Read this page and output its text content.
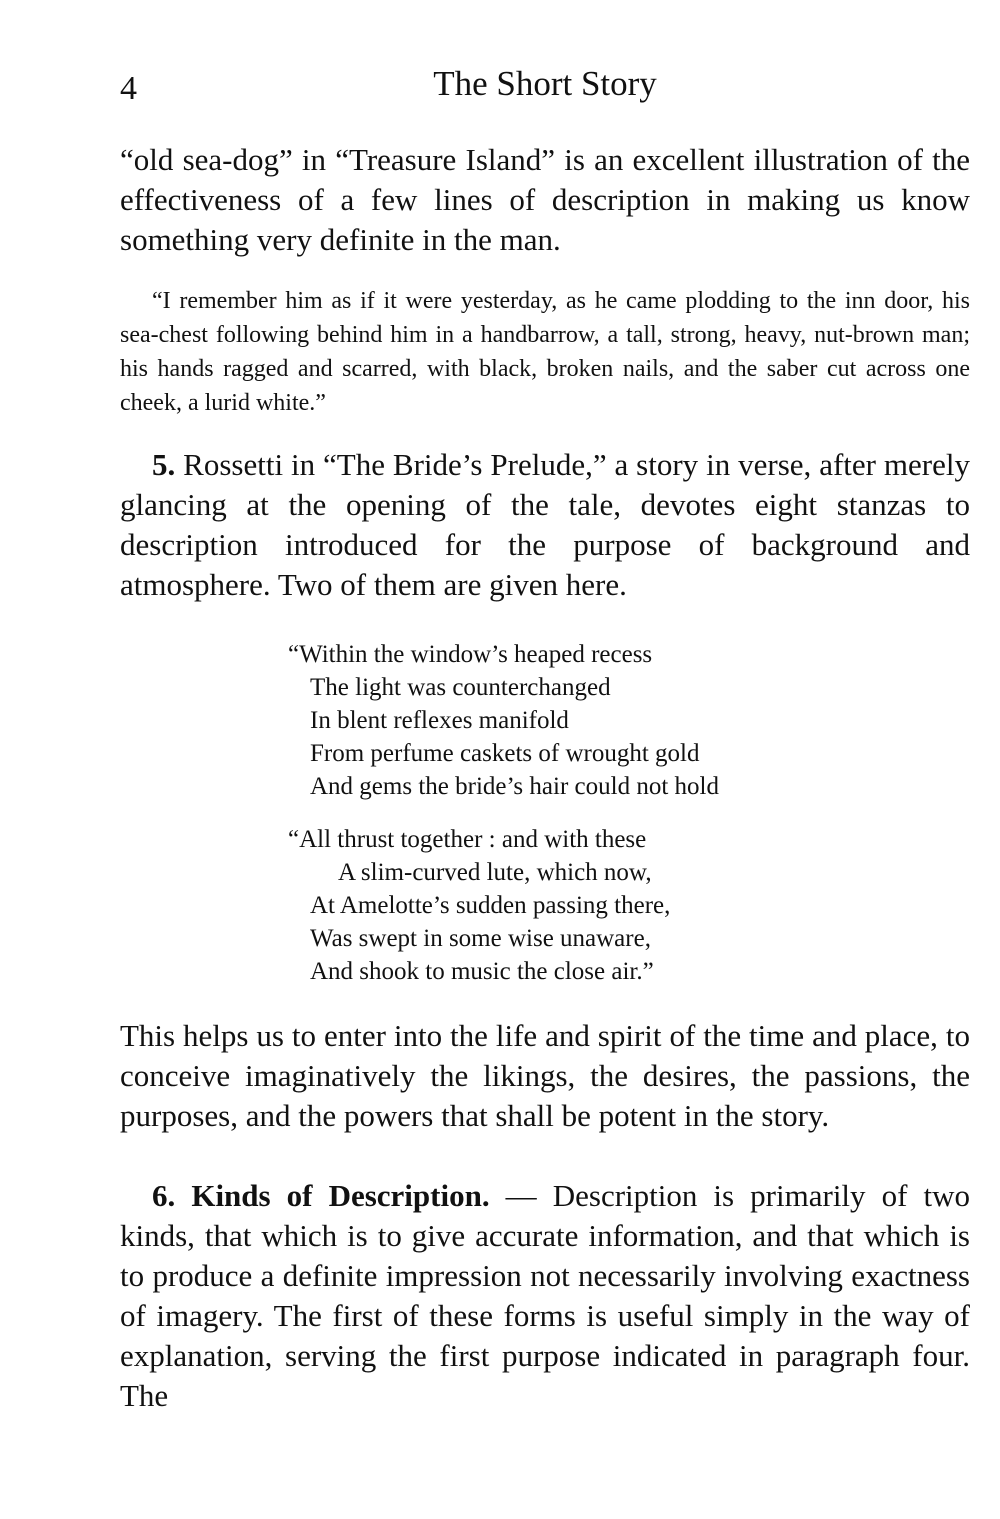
4	The Short Story

“old sea-dog” in “Treasure Island” is an excellent illustration of the effectiveness of a few lines of description in making us know something very definite in the man.

“I remember him as if it were yesterday, as he came plodding to the inn door, his sea-chest following behind him in a handbarrow, a tall, strong, heavy, nut-brown man; his hands ragged and scarred, with black, broken nails, and the saber cut across one cheek, a lurid white.”

5. Rossetti in “The Bride’s Prelude,” a story in verse, after merely glancing at the opening of the tale, devotes eight stanzas to description introduced for the purpose of background and atmosphere. Two of them are given here.

“Within the window’s heaped recess
The light was counterchanged
In blent reflexes manifold
From perfume caskets of wrought gold
And gems the bride’s hair could not hold
“All thrust together : and with these
A slim-curved lute, which now,
At Amelotte’s sudden passing there,
Was swept in some wise unaware,
And shook to music the close air.”

This helps us to enter into the life and spirit of the time and place, to conceive imaginatively the likings, the desires, the passions, the purposes, and the powers that shall be potent in the story.

6. Kinds of Description. — Description is primarily of two kinds, that which is to give accurate information, and that which is to produce a definite impression not necessarily involving exactness of imagery. The first of these forms is useful simply in the way of explanation, serving the first purpose indicated in paragraph four. The
